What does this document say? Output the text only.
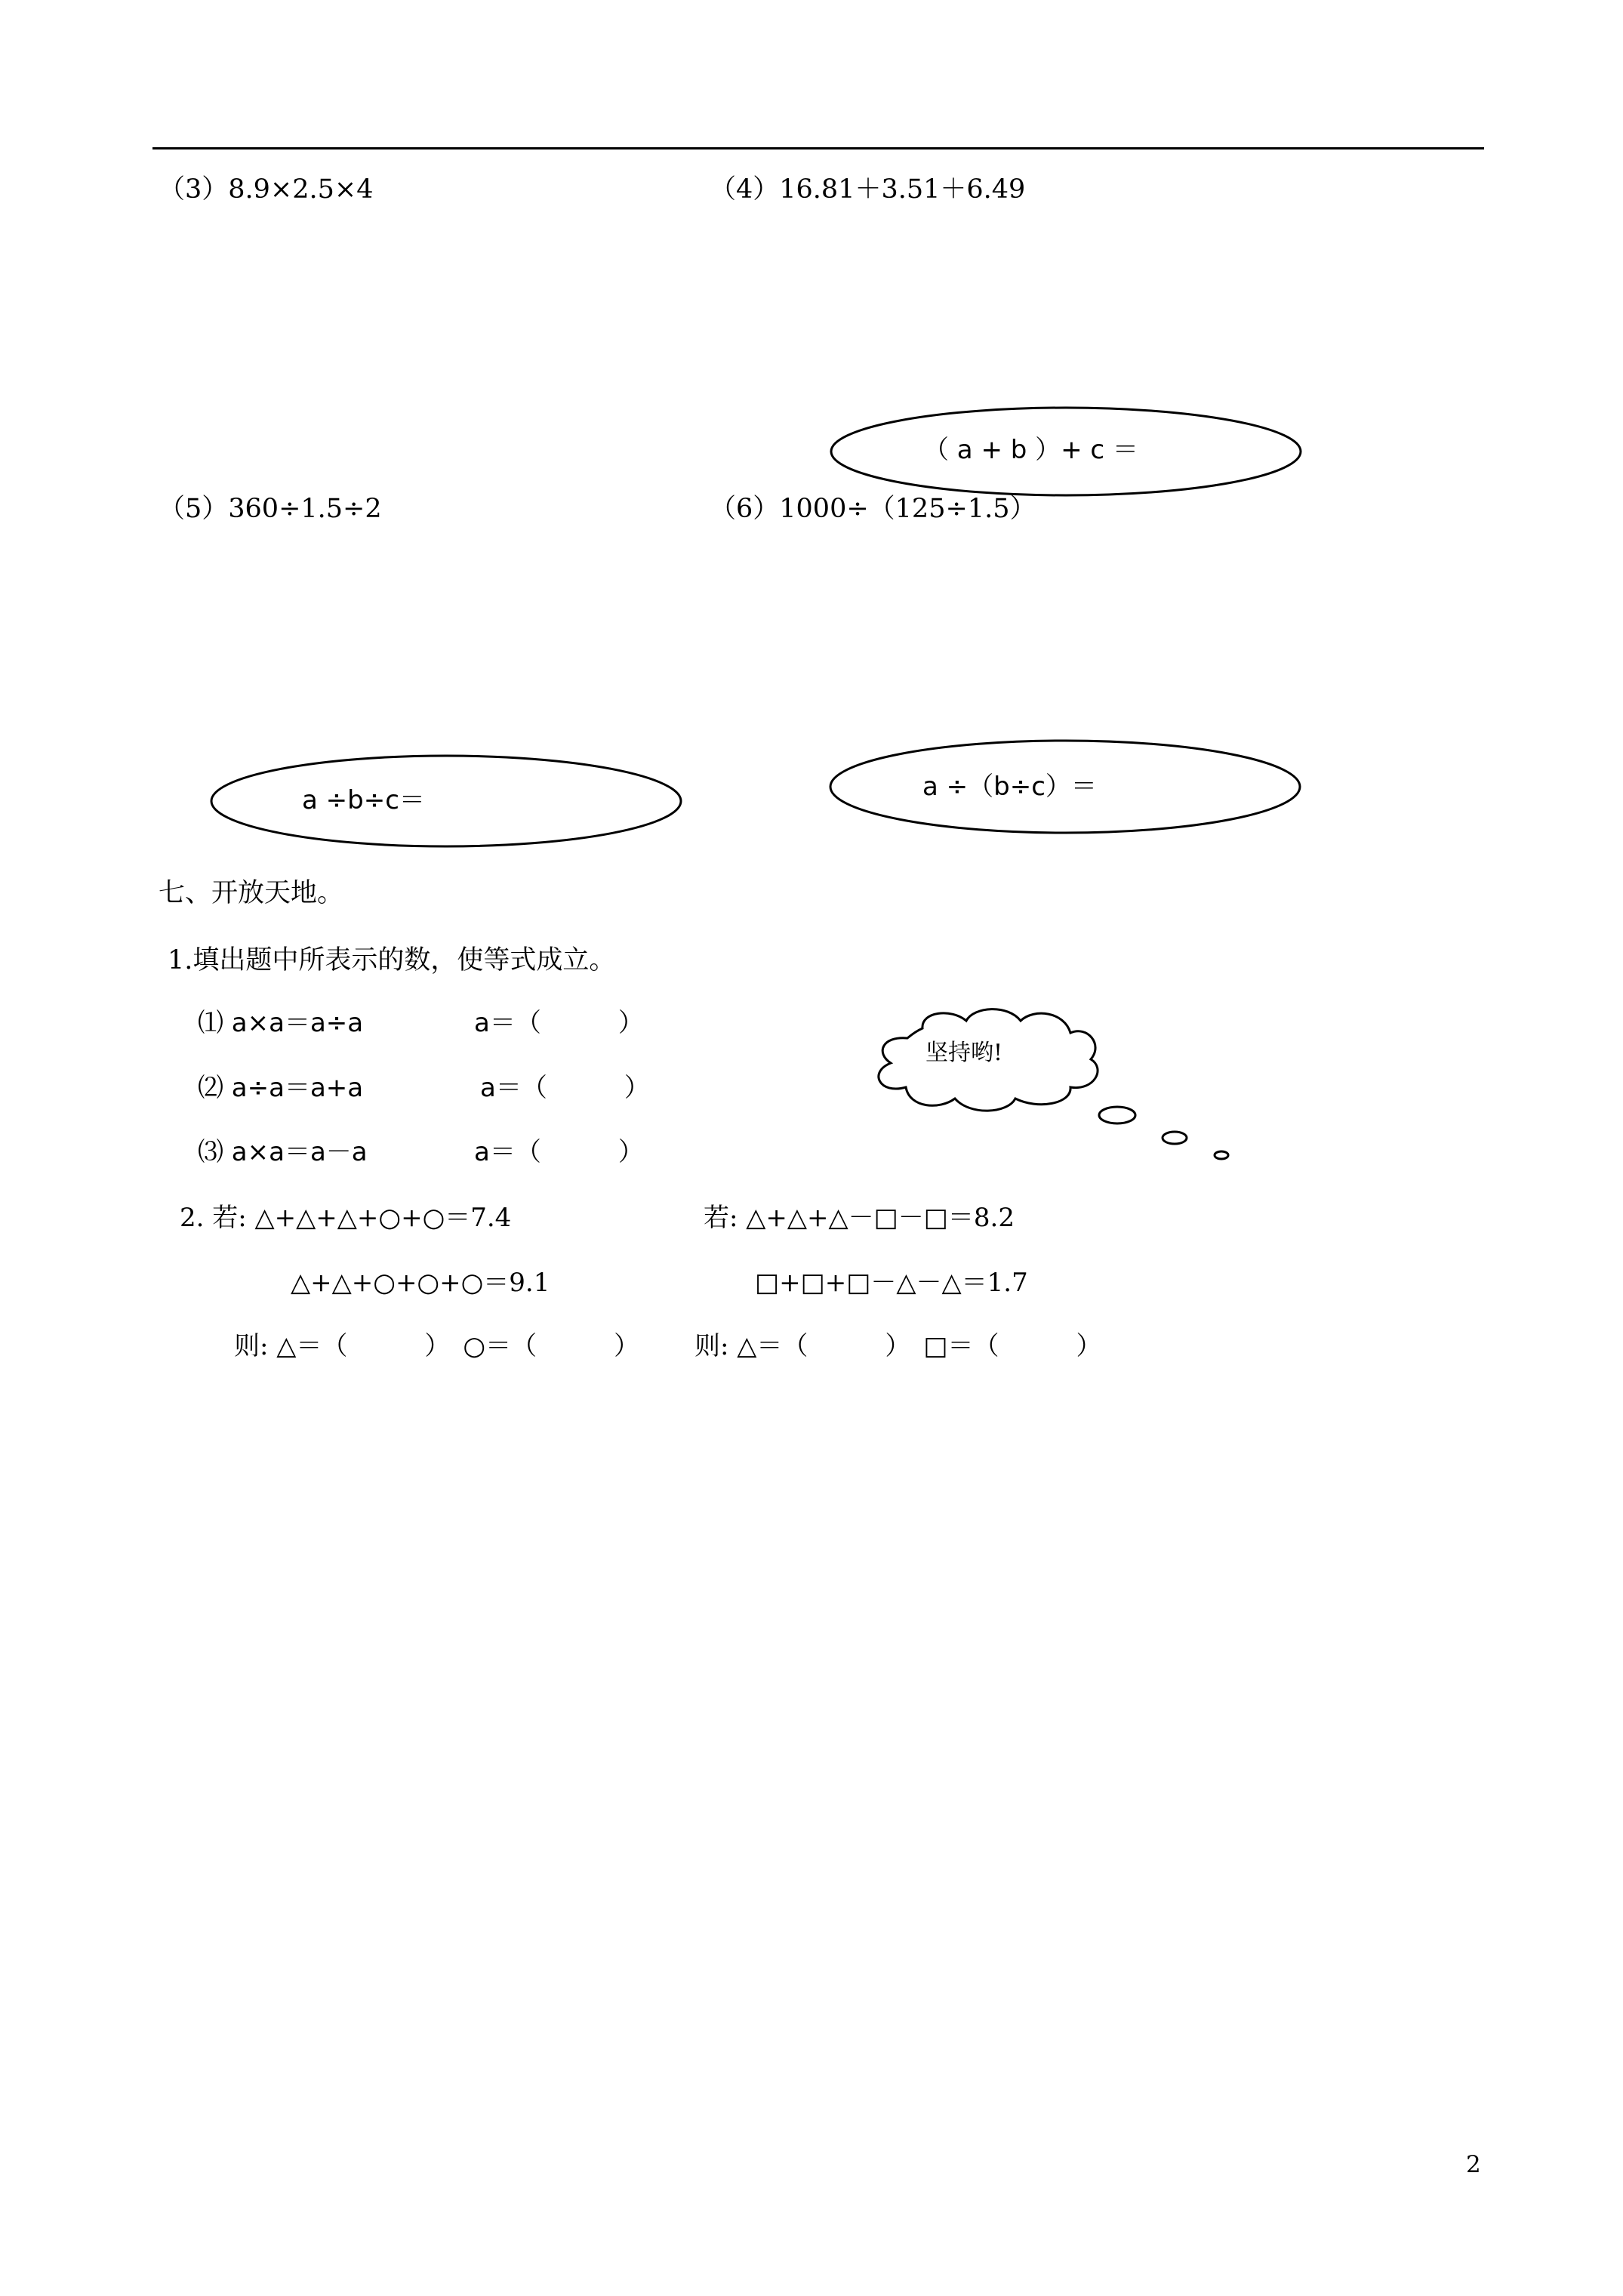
（3）8.9×2.5×4	（4）16.81＋3.51＋6.49
（5）360÷1.5÷2	（6）1000÷（125÷1.5）
（ a + b ）+ c ＝
a ÷b÷c＝	a ÷（b÷c）＝
七、开放天地。
1.填出题中所表示的数，使等式成立。
⑴ a×a＝a÷a	a＝（　　　）
⑵ a÷a＝a+a	a＝（　　　）
⑶ a×a＝a－a	a＝（　　　）
坚持哟!
2. 若: △+△+△+○+○＝7.4
△+△+○+○+○＝9.1
则: △＝（　　　）　○＝（　　　）
若: △+△+△－□－□＝8.2
□+□+□－△－△＝1.7
则: △＝（　　　）　□＝（　　　）
2
